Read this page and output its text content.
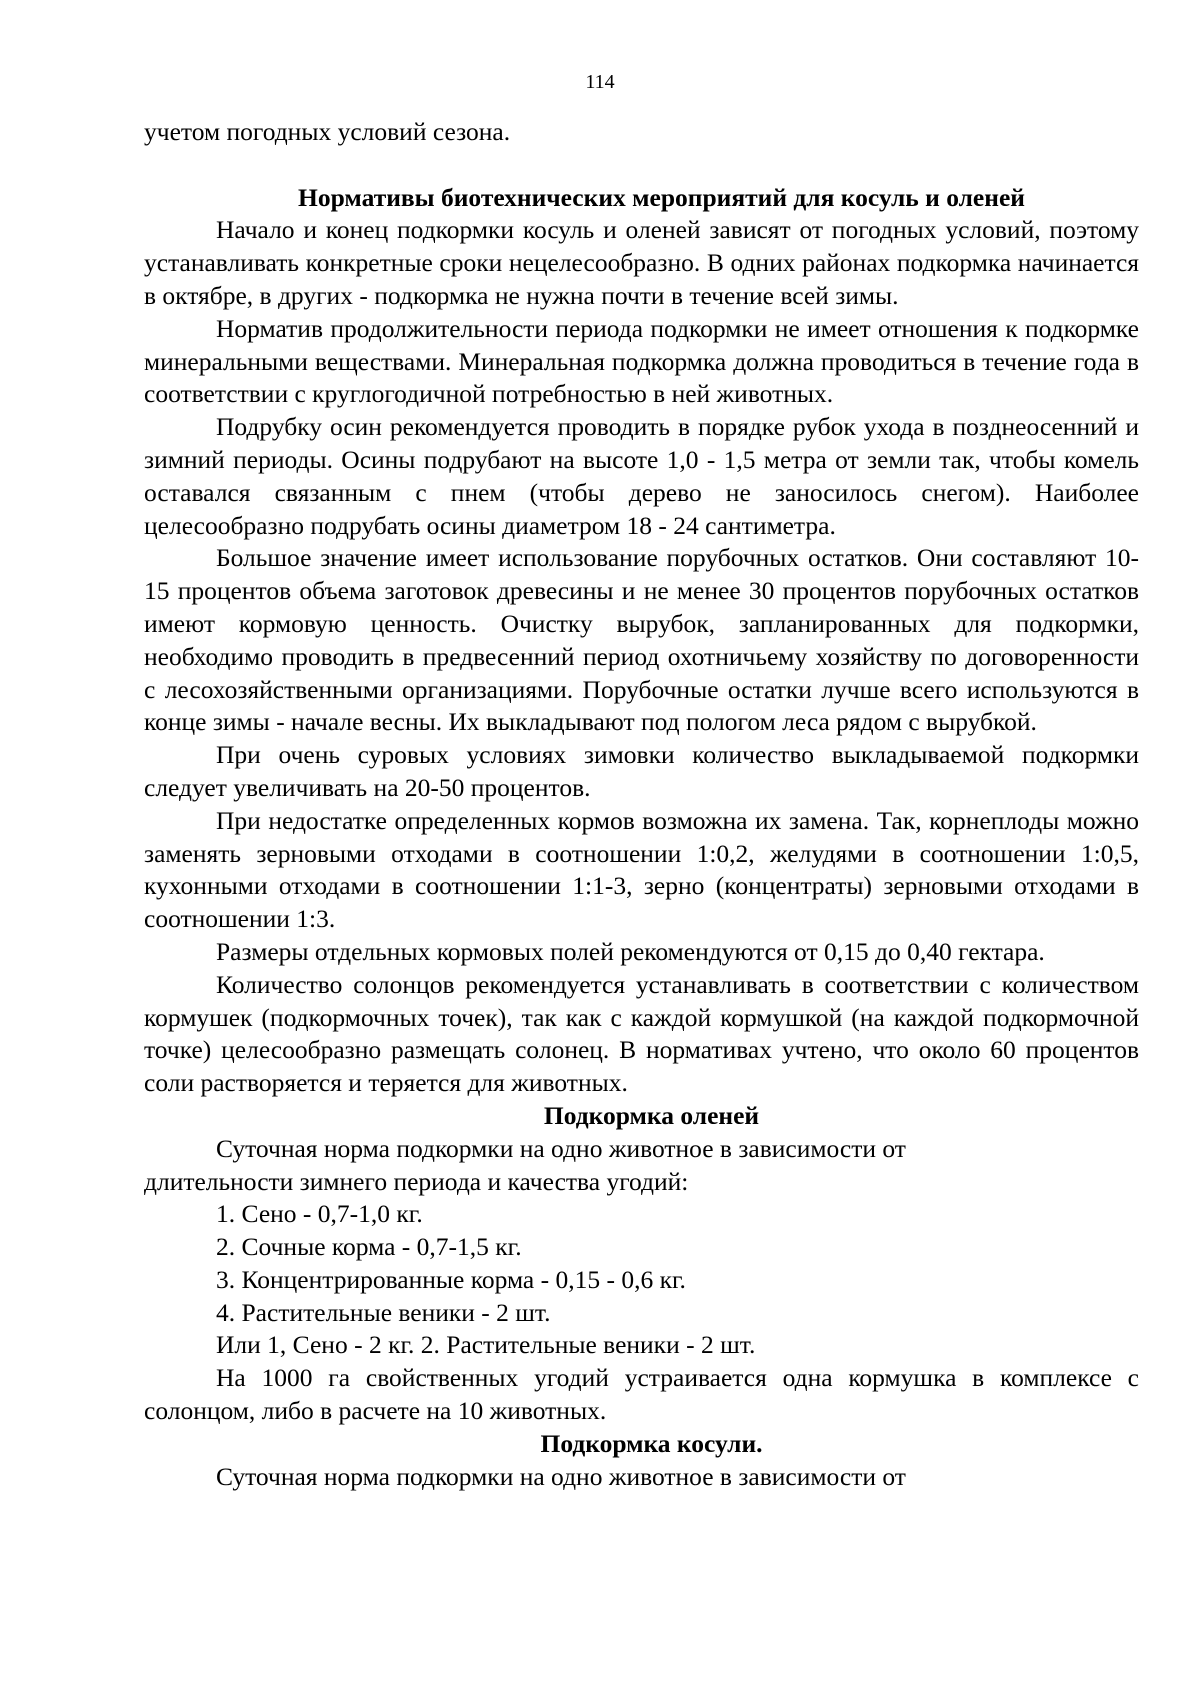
114

учетом погодных условий сезона.

Нормативы биотехнических мероприятий для косуль и оленей

Начало и конец подкормки косуль и оленей зависят от погодных условий, поэтому устанавливать конкретные сроки нецелесообразно. В одних районах подкормка начинается в октябре, в других - подкормка не нужна почти в течение всей зимы.

Норматив продолжительности периода подкормки не имеет отношения к подкормке минеральными веществами. Минеральная подкормка должна проводиться в течение года в соответствии с круглогодичной потребностью в ней животных.

Подрубку осин рекомендуется проводить в порядке рубок ухода в позднеосенний и зимний периоды. Осины подрубают на высоте 1,0 - 1,5 метра от земли так, чтобы комель оставался связанным с пнем (чтобы дерево не заносилось снегом). Наиболее целесообразно подрубать осины диаметром 18 - 24 сантиметра.

Большое значение имеет использование порубочных остатков. Они составляют 10-15 процентов объема заготовок древесины и не менее 30 процентов порубочных остатков имеют кормовую ценность. Очистку вырубок, запланированных для подкормки, необходимо проводить в предвесенний период охотничьему хозяйству по договоренности с лесохозяйственными организациями. Порубочные остатки лучше всего используются в конце зимы - начале весны. Их выкладывают под пологом леса рядом с вырубкой.

При очень суровых условиях зимовки количество выкладываемой подкормки следует увеличивать на 20-50 процентов.

При недостатке определенных кормов возможна их замена. Так, корнеплоды можно заменять зерновыми отходами в соотношении 1:0,2, желудями в соотношении 1:0,5, кухонными отходами в соотношении 1:1-3, зерно (концентраты) зерновыми отходами в соотношении 1:3.

Размеры отдельных кормовых полей рекомендуются от 0,15 до 0,40 гектара.

Количество солонцов рекомендуется устанавливать в соответствии с количеством кормушек (подкормочных точек), так как с каждой кормушкой (на каждой подкормочной точке) целесообразно размещать солонец. В нормативах учтено, что около 60 процентов соли растворяется и теряется для животных.

Подкормка оленей

Суточная норма подкормки на одно животное в зависимости от

длительности зимнего периода и качества угодий:

1. Сено - 0,7-1,0 кг.

2. Сочные корма - 0,7-1,5 кг.

3. Концентрированные корма - 0,15 - 0,6 кг.

4. Растительные веники - 2 шт.

Или 1, Сено - 2 кг. 2. Растительные веники - 2 шт.

На 1000 га свойственных угодий устраивается одна кормушка в комплексе с солонцом, либо в расчете на 10 животных.

Подкормка косули.

Суточная норма подкормки на одно животное в зависимости от
